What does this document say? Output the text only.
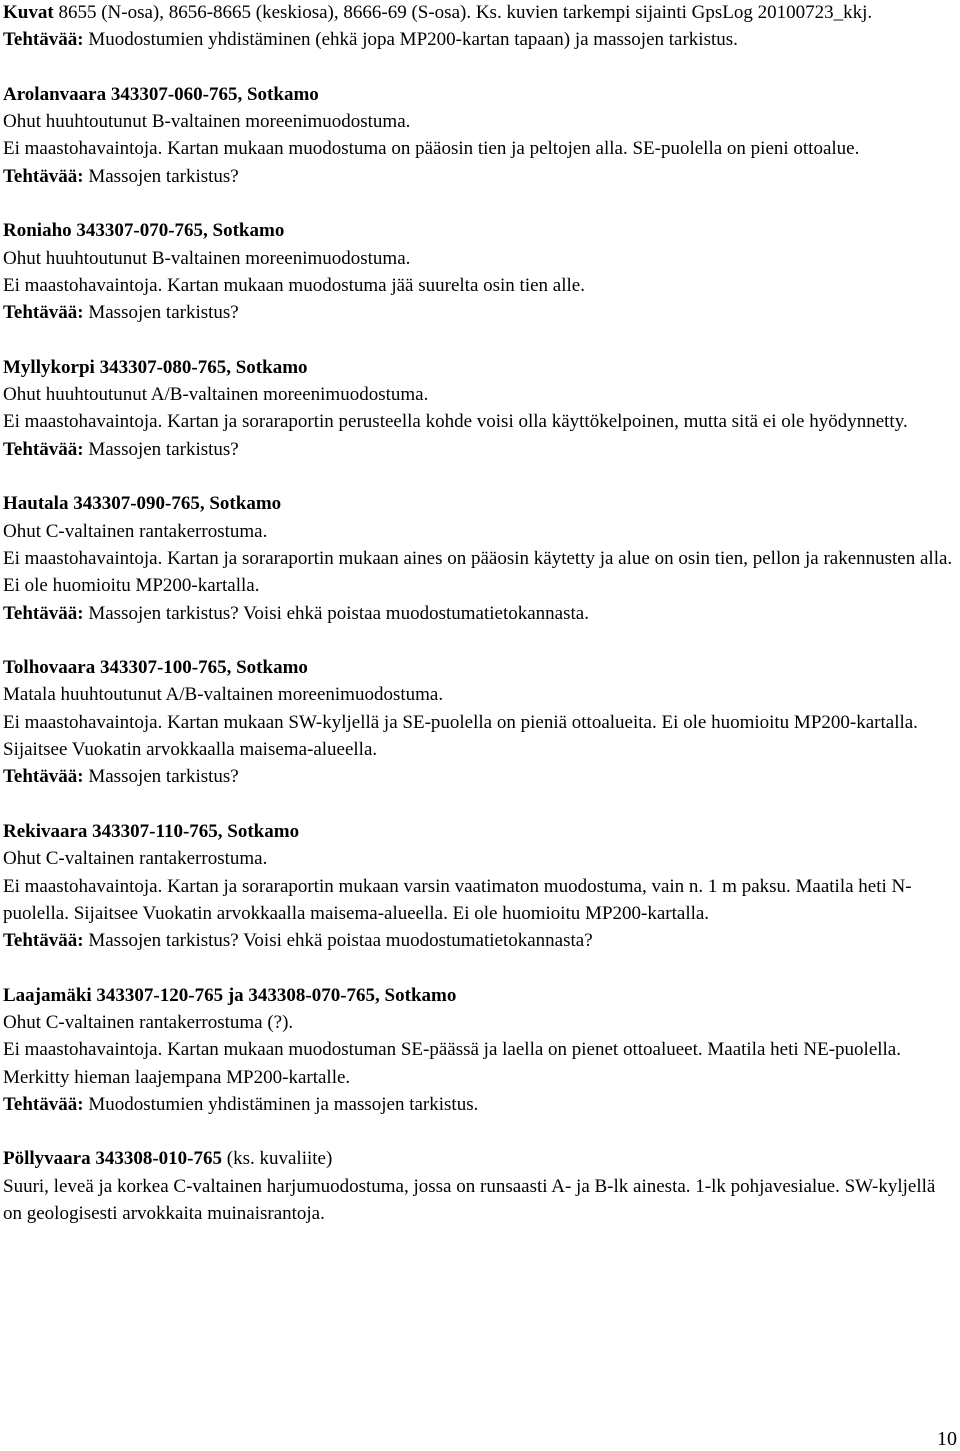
Kuvat 8655 (N-osa), 8656-8665 (keskiosa), 8666-69 (S-osa). Ks. kuvien tarkempi sijainti GpsLog 20100723_kkj.

Tehtävää: Muodostumien yhdistäminen (ehkä jopa MP200-kartan tapaan) ja massojen tarkistus.

Arolanvaara 343307-060-765, Sotkamo

Ohut huuhtoutunut B-valtainen moreenimuodostuma.

Ei maastohavaintoja. Kartan mukaan muodostuma on pääosin tien ja peltojen alla. SE-puolella on pieni ottoalue.

Tehtävää: Massojen tarkistus?

Roniaho 343307-070-765, Sotkamo

Ohut huuhtoutunut B-valtainen moreenimuodostuma.

Ei maastohavaintoja. Kartan mukaan muodostuma jää suurelta osin tien alle.

Tehtävää: Massojen tarkistus?

Myllykorpi 343307-080-765, Sotkamo

Ohut huuhtoutunut A/B-valtainen moreenimuodostuma.

Ei maastohavaintoja. Kartan ja soraraportin perusteella kohde voisi olla käyttökelpoinen, mutta sitä ei ole hyödynnetty.

Tehtävää: Massojen tarkistus?

Hautala 343307-090-765, Sotkamo

Ohut C-valtainen rantakerrostuma.

Ei maastohavaintoja. Kartan ja soraraportin mukaan aines on pääosin käytetty ja alue on osin tien, pellon ja rakennusten alla. Ei ole huomioitu MP200-kartalla.

Tehtävää: Massojen tarkistus? Voisi ehkä poistaa muodostumatietokannasta.

Tolhovaara 343307-100-765, Sotkamo

Matala huuhtoutunut A/B-valtainen moreenimuodostuma.

Ei maastohavaintoja. Kartan mukaan SW-kyljellä ja SE-puolella on pieniä ottoalueita. Ei ole huomioitu MP200-kartalla. Sijaitsee Vuokatin arvokkaalla maisema-alueella.

Tehtävää: Massojen tarkistus?

Rekivaara 343307-110-765, Sotkamo

Ohut C-valtainen rantakerrostuma.

Ei maastohavaintoja. Kartan ja soraraportin mukaan varsin vaatimaton muodostuma, vain n. 1 m paksu. Maatila heti N-puolella. Sijaitsee Vuokatin arvokkaalla maisema-alueella. Ei ole huomioitu MP200-kartalla.

Tehtävää: Massojen tarkistus? Voisi ehkä poistaa muodostumatietokannasta?

Laajamäki 343307-120-765 ja 343308-070-765, Sotkamo

Ohut C-valtainen rantakerrostuma (?).

Ei maastohavaintoja. Kartan mukaan muodostuman SE-päässä ja laella on pienet ottoalueet. Maatila heti NE-puolella. Merkitty hieman laajempana MP200-kartalle.

Tehtävää: Muodostumien yhdistäminen ja massojen tarkistus.

Pöllyvaara 343308-010-765 (ks. kuvaliite)

Suuri, leveä ja korkea C-valtainen harjumuodostuma, jossa on runsaasti A- ja B-lk ainesta. 1-lk pohjavesialue. SW-kyljellä on geologisesti arvokkaita muinaisrantoja.

10
